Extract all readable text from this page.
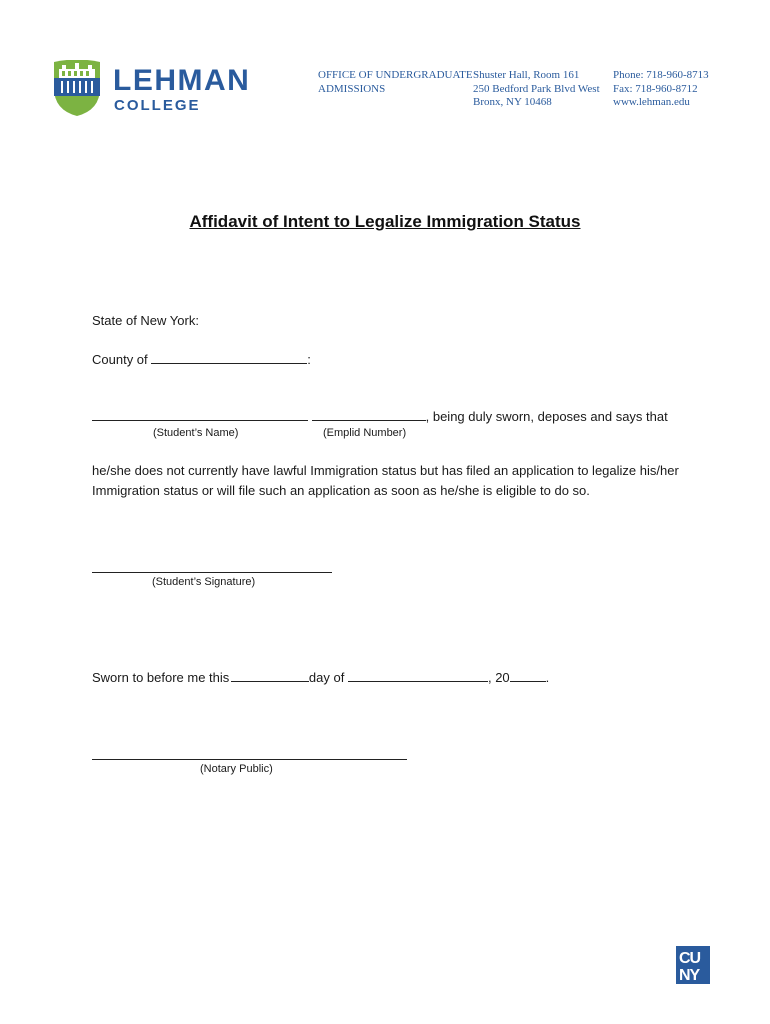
LEHMAN
COLLEGE
OFFICE OF UNDERGRADUATE
ADMISSIONS
Shuster Hall, Room 161
250 Bedford Park Blvd West
Bronx, NY 10468
Phone: 718-960-8713
Fax: 718-960-8712
www.lehman.edu
Affidavit of Intent to Legalize Immigration Status
State of New York:
County of	:
, being duly sworn, deposes and says that
(Student’s Name)	(Emplid Number)
he/she does not currently have lawful Immigration status but has filed an application to legalize his/her Immigration status or will file such an application as soon as he/she is eligible to do so.
(Student’s Signature)
Sworn to before me this	day of	, 20	.
(Notary Public)
CU
NY
